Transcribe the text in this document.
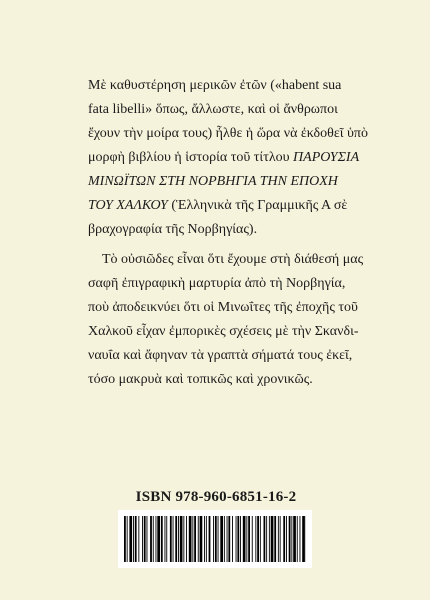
Μὲ καθυστέρηση μερικῶν ἐτῶν («habent sua
fata libelli» ὅπως, ἄλλωστε, καὶ οἱ ἄνθρωποι
ἔχουν τὴν μοίρα τους) ἦλθε ἡ ὥρα νὰ ἐκδοθεῖ ὑπὸ
μορφὴ βιβλίου ἡ ἱστορία τοῦ τίτλου ΠΑΡΟΥΣΙΑ
ΜΙΝΩΪΤΩΝ ΣΤΗ ΝΟΡΒΗΓΙΑ ΤΗΝ ΕΠΟΧΗ
ΤΟΥ ΧΑΛΚΟΥ (Ἑλληνικὰ τῆς Γραμμικῆς Α σὲ
βραχογραφία τῆς Νορβηγίας).

Τὸ οὐσιῶδες εἶναι ὅτι ἔχουμε στὴ διάθεσή μας
σαφῆ ἐπιγραφικὴ μαρτυρία ἀπὸ τὴ Νορβηγία,
ποὺ ἀποδεικνύει ὅτι οἱ Μινωΐτες τῆς ἐποχῆς τοῦ
Χαλκοῦ εἶχαν ἐμπορικὲς σχέσεις μὲ τὴν Σκανδι-
ναυΐα καὶ ἄφηναν τὰ γραπτὰ σήματά τους ἐκεῖ,
τόσο μακρυὰ καὶ τοπικῶς καὶ χρονικῶς.

ISBN 978-960-6851-16-2
